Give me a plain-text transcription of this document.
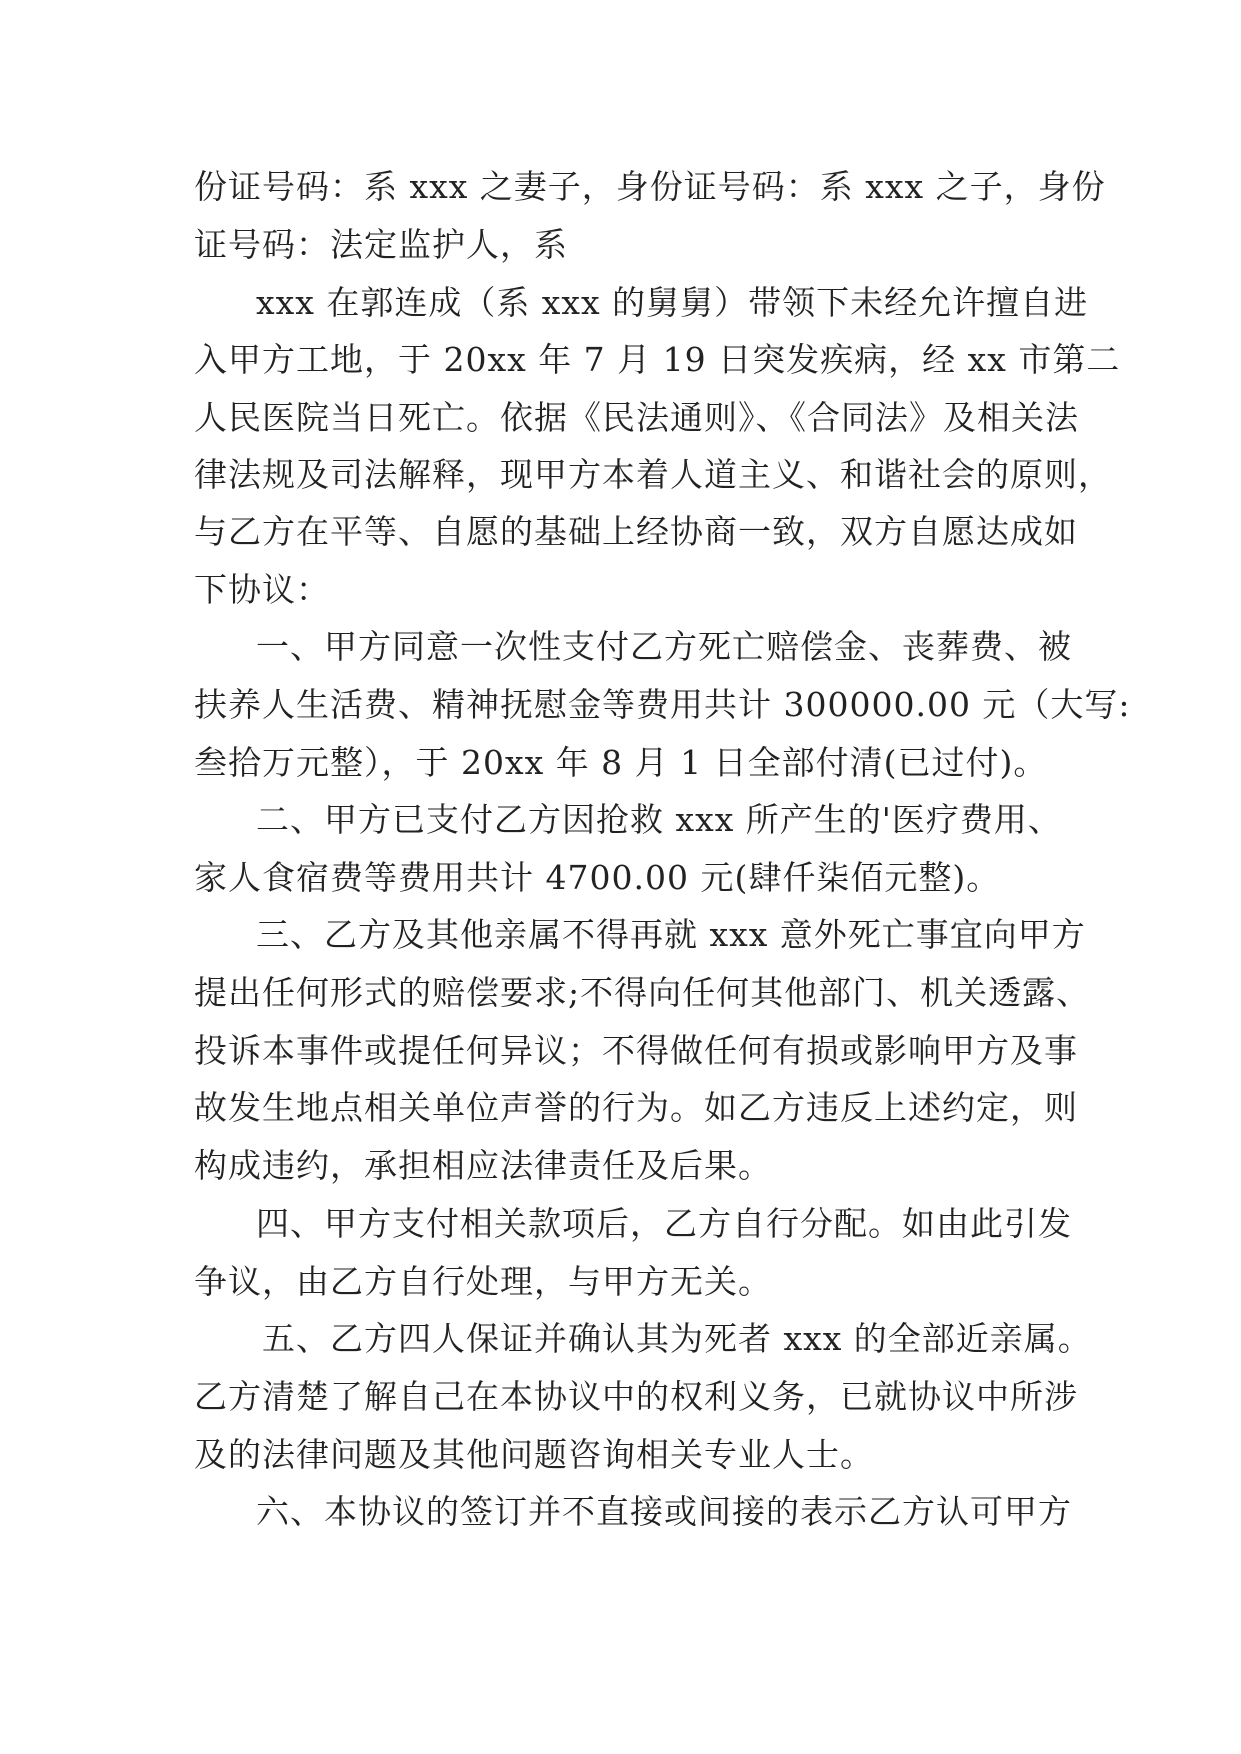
份证号码：系 xxx 之妻子，身份证号码：系 xxx 之子，身份

证号码：法定监护人，系

xxx 在郭连成（系 xxx 的舅舅）带领下未经允许擅自进

入甲方工地，于 20xx 年 7 月 19 日突发疾病，经 xx 市第二

人民医院当日死亡。依据《民法通则》、《合同法》及相关法

律法规及司法解释，现甲方本着人道主义、和谐社会的原则，

与乙方在平等、自愿的基础上经协商一致，双方自愿达成如

下协议：

一、甲方同意一次性支付乙方死亡赔偿金、丧葬费、被

扶养人生活费、精神抚慰金等费用共计 300000.00 元（大写:

叁拾万元整），于 20xx 年 8 月 1 日全部付清(已过付)。

二、甲方已支付乙方因抢救 xxx 所产生的'医疗费用、

家人食宿费等费用共计 4700.00 元(肆仟柒佰元整)。

三、乙方及其他亲属不得再就 xxx 意外死亡事宜向甲方

提出任何形式的赔偿要求;不得向任何其他部门、机关透露、

投诉本事件或提任何异议；不得做任何有损或影响甲方及事

故发生地点相关单位声誉的行为。如乙方违反上述约定，则

构成违约，承担相应法律责任及后果。

四、甲方支付相关款项后，乙方自行分配。如由此引发

争议，由乙方自行处理，与甲方无关。

五、乙方四人保证并确认其为死者 xxx 的全部近亲属。

乙方清楚了解自己在本协议中的权利义务，已就协议中所涉

及的法律问题及其他问题咨询相关专业人士。

六、本协议的签订并不直接或间接的表示乙方认可甲方
